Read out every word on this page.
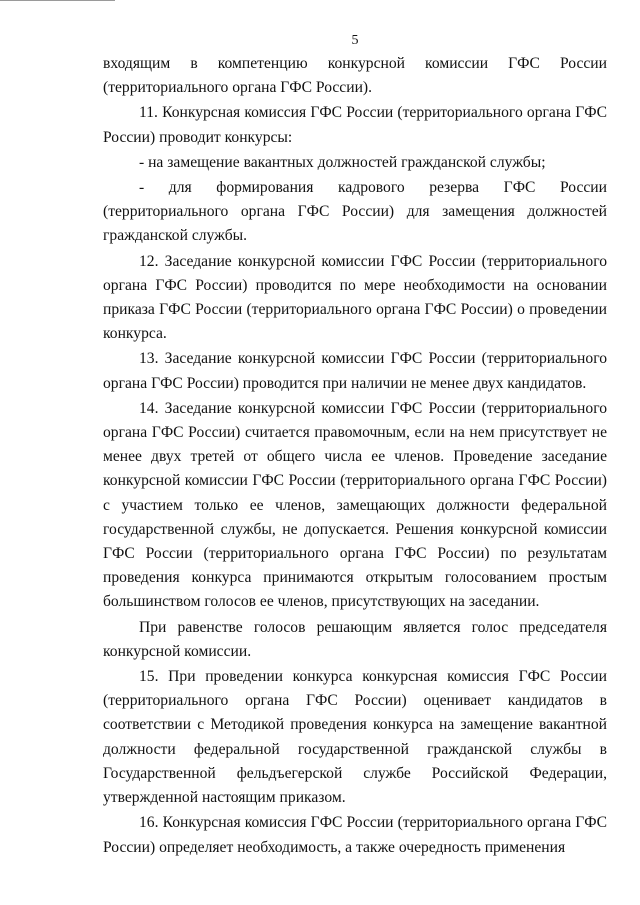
5

входящим в компетенцию конкурсной комиссии ГФС России (территориального органа ГФС России).

11. Конкурсная комиссия ГФС России (территориального органа ГФС России) проводит конкурсы:

- на замещение вакантных должностей гражданской службы;

- для формирования кадрового резерва ГФС России (территориального органа ГФС России) для замещения должностей гражданской службы.

12. Заседание конкурсной комиссии ГФС России (территориального органа ГФС России) проводится по мере необходимости на основании приказа ГФС России (территориального органа ГФС России) о проведении конкурса.

13. Заседание конкурсной комиссии ГФС России (территориального органа ГФС России) проводится при наличии не менее двух кандидатов.

14. Заседание конкурсной комиссии ГФС России (территориального органа ГФС России) считается правомочным, если на нем присутствует не менее двух третей от общего числа ее членов. Проведение заседание конкурсной комиссии ГФС России (территориального органа ГФС России) с участием только ее членов, замещающих должности федеральной государственной службы, не допускается. Решения конкурсной комиссии ГФС России (территориального органа ГФС России) по результатам проведения конкурса принимаются открытым голосованием простым большинством голосов ее членов, присутствующих на заседании.

При равенстве голосов решающим является голос председателя конкурсной комиссии.

15. При проведении конкурса конкурсная комиссия ГФС России (территориального органа ГФС России) оценивает кандидатов в соответствии с Методикой проведения конкурса на замещение вакантной должности федеральной государственной гражданской службы в Государственной фельдъегерской службе Российской Федерации, утвержденной настоящим приказом.

16. Конкурсная комиссия ГФС России (территориального органа ГФС России) определяет необходимость, а также очередность применения
